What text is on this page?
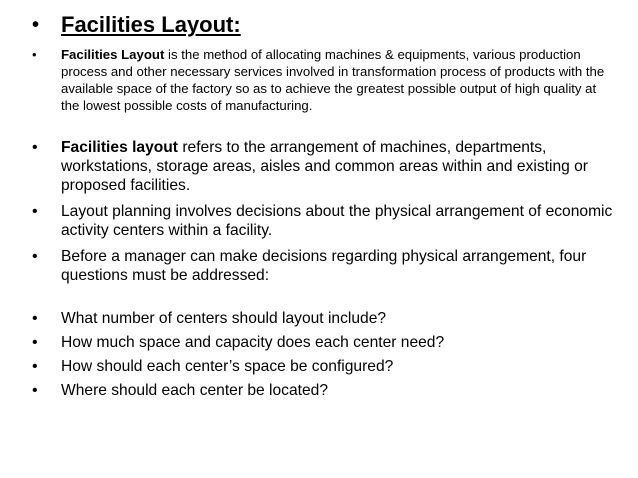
• Facilities Layout:
• Facilities Layout is the method of allocating machines & equipments, various production process and other necessary services involved in transformation process of products with the available space of the factory so as to achieve the greatest possible output of high quality at the lowest possible costs of manufacturing.
• Facilities layout refers to the arrangement of machines, departments, workstations, storage areas, aisles and common areas within and existing or proposed facilities.
• Layout planning involves decisions about the physical arrangement of economic activity centers within a facility.
• Before a manager can make decisions regarding physical arrangement, four questions must be addressed:
• What number of centers should layout include?
• How much space and capacity does each center need?
• How should each center’s space be configured?
• Where should each center be located?
